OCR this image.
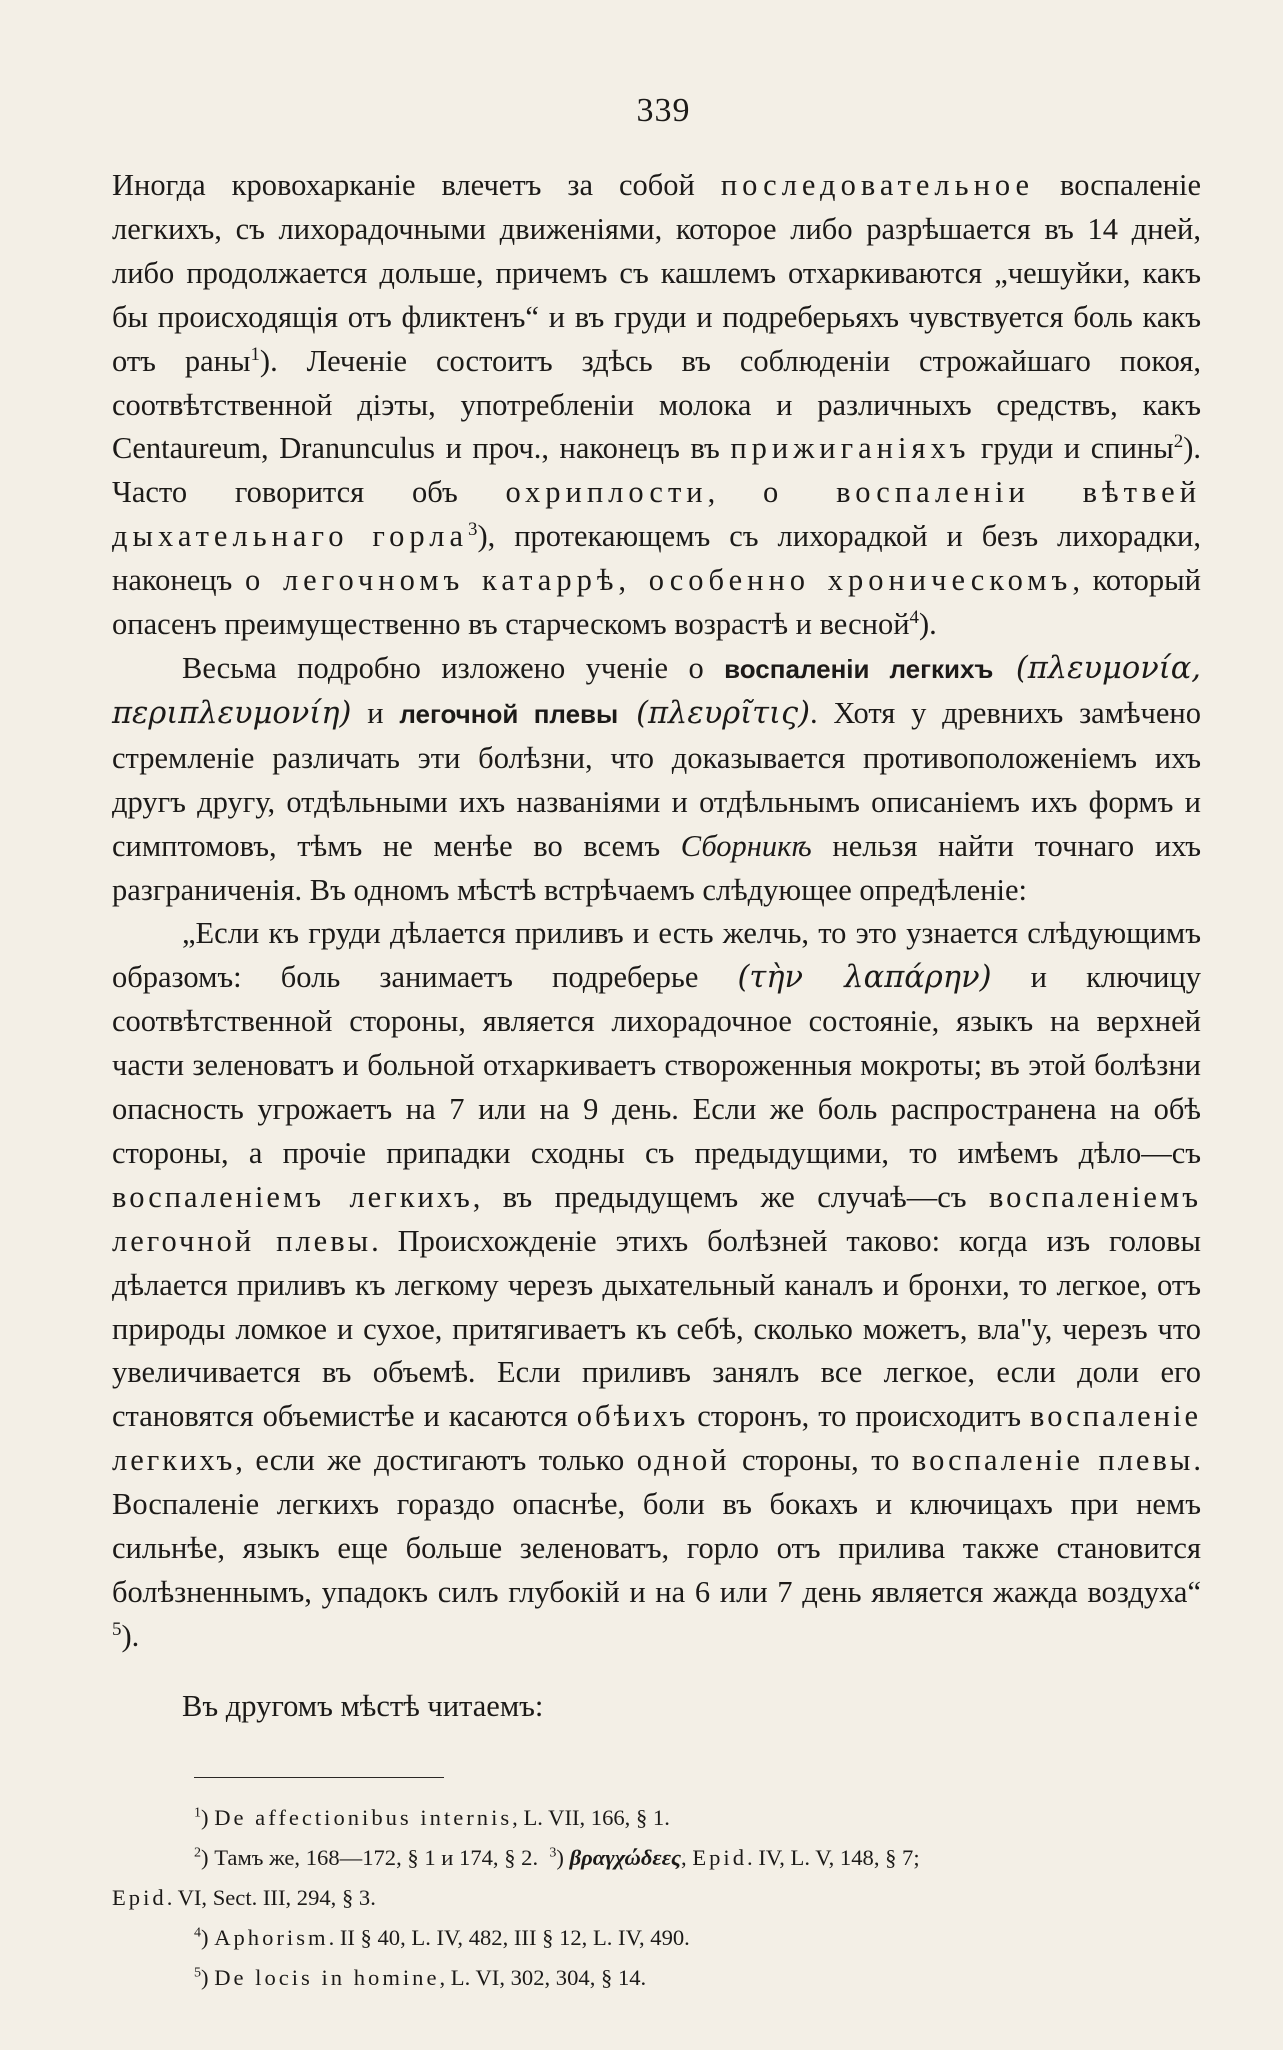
339

Иногда кровохарканіе влечетъ за собой последовательное воспаленіе легкихъ, съ лихорадочными движеніями, которое либо разрѣшается въ 14 дней, либо продолжается дольше, причемъ съ кашлемъ отхаркиваются „чешуйки, какъ бы происходящія отъ фликтенъ“ и въ груди и подреберьяхъ чувствуется боль какъ отъ раны$^1$). Леченіе состоитъ здѣсь въ соблюденіи строжайшаго покоя, соотвѣтственной діэты, употребленіи молока и различныхъ средствъ, какъ Centaureum, Dranunculus и проч., наконецъ въ прижиганіяхъ груди и спины$^2$). Часто говорится объ охриплости, о воспаленіи вѣтвей дыхательнаго горла$^3$), протекающемъ съ лихорадкой и безъ лихорадки, наконецъ о легочномъ катаррѣ, особенно хроническомъ, который опасенъ преимущественно въ старческомъ возрастѣ и весной$^4$).

Весьма подробно изложено ученіе о воспаленіи легкихъ (πλευμονία, περιπλευμονίη) и легочной плевы (πλευρῖτις). Хотя у древнихъ замѣчено стремленіе различать эти болѣзни, что доказывается противоположеніемъ ихъ другъ другу, отдѣльными ихъ названіями и отдѣльнымъ описаніемъ ихъ формъ и симптомовъ, тѣмъ не менѣе во всемъ Сборникѣ нельзя найти точнаго ихъ разграниченія. Въ одномъ мѣстѣ встрѣчаемъ слѣдующее опредѣленіе:

„Если къ груди дѣлается приливъ и есть желчь, то это узнается слѣдующимъ образомъ: боль занимаетъ подреберье (τὴν λαπάρην) и ключицу соотвѣтственной стороны, является лихорадочное состояніе, языкъ на верхней части зеленоватъ и больной отхаркиваетъ створоженныя мокроты; въ этой болѣзни опасность угрожаетъ на 7 или на 9 день. Если же боль распространена на обѣ стороны, а прочіе припадки сходны съ предыдущими, то имѣемъ дѣло—съ воспаленіемъ легкихъ, въ предыдущемъ же случаѣ—съ воспаленіемъ легочной плевы. Происхожденіе этихъ болѣзней таково: когда изъ головы дѣлается приливъ къ легкому черезъ дыхательный каналъ и бронхи, то легкое, отъ природы ломкое и сухое, притягиваетъ къ себѣ, сколько можетъ, вла"у, черезъ что увеличивается въ объемѣ. Если приливъ занялъ все легкое, если доли его становятся объемистѣе и касаются обѣихъ сторонъ, то происходитъ воспаленіе легкихъ, если же достигаютъ только одной стороны, то воспаленіе плевы. Воспаленіе легкихъ гораздо опаснѣе, боли въ бокахъ и ключицахъ при немъ сильнѣе, языкъ еще больше зеленоватъ, горло отъ прилива также становится болѣзненнымъ, упадокъ силъ глубокій и на 6 или 7 день является жажда воздуха“ $^5$).

Въ другомъ мѣстѣ читаемъ:

$^1$) De affectionibus internis, L. VII, 166, § 1.
$^2$) Тамъ же, 168—172, § 1 и 174, § 2. $^3$) βραγχώδεες, Epid. IV, L. V, 148, § 7;
Epid. VI, Sect. III, 294, § 3.
$^4$) Aphorism. II § 40, L. IV, 482, III § 12, L. IV, 490.
$^5$) De locis in homine, L. VI, 302, 304, § 14.
